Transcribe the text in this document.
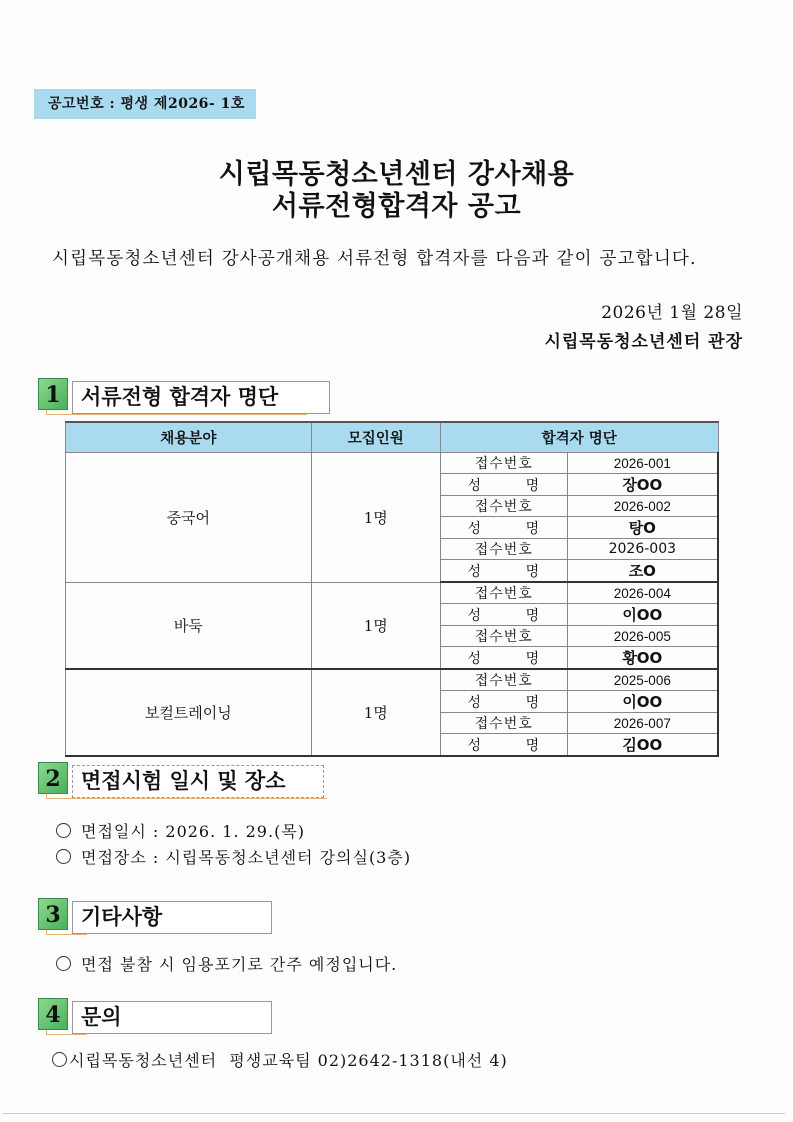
공고번호 : 평생 제2026- 1호
시립목동청소년센터 강사채용
서류전형합격자 공고
시립목동청소년센터 강사공개채용 서류전형 합격자를 다음과 같이 공고합니다.
2026년 1월 28일
시립목동청소년센터 관장
서류전형 합격자 명단
1
채용분야	모집인원	합격자 명단	
중국어	1명	접수번호	2026-001
		성        명	장OO
		접수번호	2026-002
		성        명	탕O
		접수번호	2026-003
		성        명	조O
바둑	1명	접수번호	2026-004
		성        명	이OO
		접수번호	2026-005
		성        명	황OO
보컬트레이닝	1명	접수번호	2025-006
		성        명	이OO
		접수번호	2026-007
		성        명	김OO
면접시험 일시 및 장소
2
면접일시 : 2026. 1. 29.(목)
면접장소 : 시립목동청소년센터 강의실(3층)
기타사항
3
면접 불참 시 임용포기로 간주 예정입니다.
문의
4
시립목동청소년센터  평생교육팀 02)2642-1318(내선 4)
